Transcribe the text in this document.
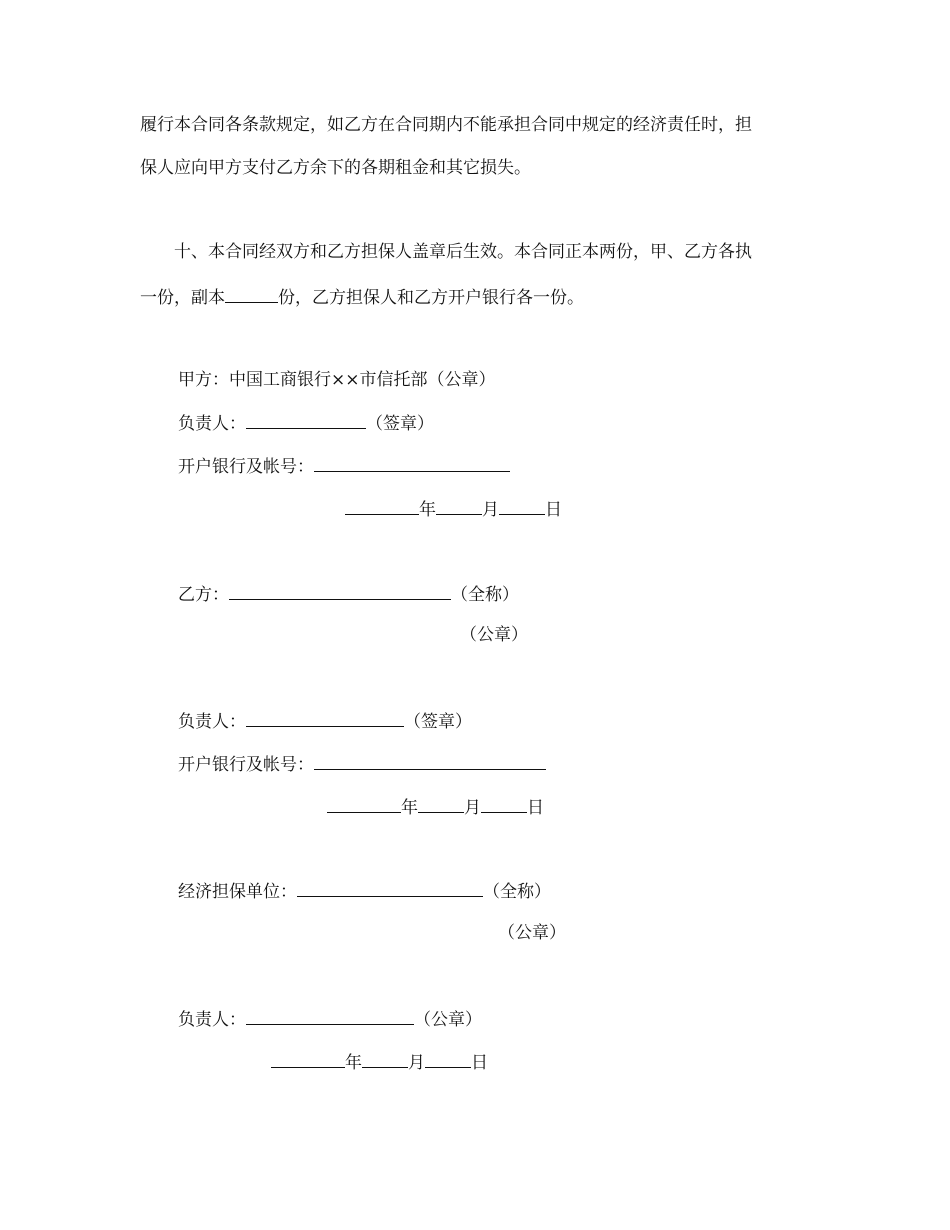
履行本合同各条款规定，如乙方在合同期内不能承担合同中规定的经济责任时，担
保人应向甲方支付乙方余下的各期租金和其它损失。
十、本合同经双方和乙方担保人盖章后生效。本合同正本两份，甲、乙方各执
一份，副本	份，乙方担保人和乙方开户银行各一份。
甲方：中国工商银行××市信托部（公章）
负责人：	（签章）
开户银行及帐号：
年	月	日
乙方：	（全称）
（公章）
负责人：	（签章）
开户银行及帐号：
年	月	日
经济担保单位：	（全称）
（公章）
负责人：	（公章）
年	月	日
